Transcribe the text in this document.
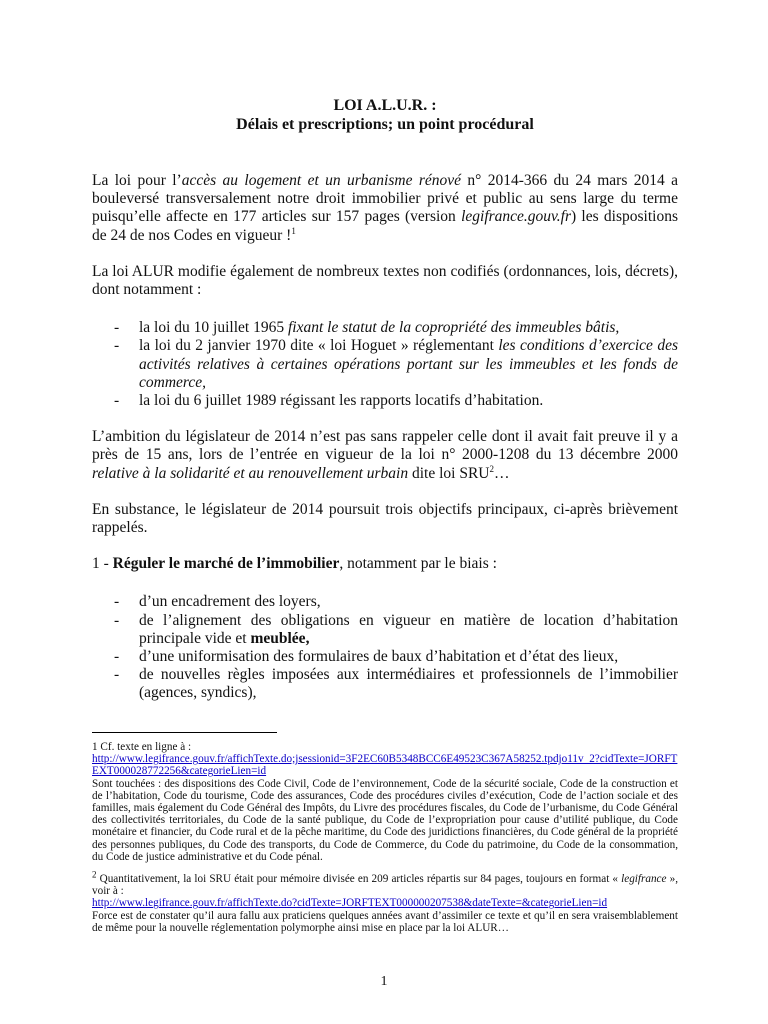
LOI A.L.U.R. :

Délais et prescriptions; un point procédural

La loi pour l’accès au logement et un urbanisme rénové n° 2014-366 du 24 mars 2014 a bouleversé transversalement notre droit immobilier privé et public au sens large du terme puisqu’elle affecte en 177 articles sur 157 pages (version legifrance.gouv.fr) les dispositions de 24 de nos Codes en vigueur !$^1$

La loi ALUR modifie également de nombreux textes non codifiés (ordonnances, lois, décrets), dont notamment :

- la loi du 10 juillet 1965 fixant le statut de la copropriété des immeubles bâtis,
- la loi du 2 janvier 1970 dite « loi Hoguet » réglementant les conditions d’exercice des activités relatives à certaines opérations portant sur les immeubles et les fonds de commerce,
- la loi du 6 juillet 1989 régissant les rapports locatifs d’habitation.

L’ambition du législateur de 2014 n’est pas sans rappeler celle dont il avait fait preuve il y a près de 15 ans, lors de l’entrée en vigueur de la loi n° 2000-1208 du 13 décembre 2000 relative à la solidarité et au renouvellement urbain dite loi SRU$^2$…

En substance, le législateur de 2014 poursuit trois objectifs principaux, ci-après brièvement rappelés.

1 - Réguler le marché de l’immobilier, notamment par le biais :

- d’un encadrement des loyers,
- de l’alignement des obligations en vigueur en matière de location d’habitation principale vide et meublée,
- d’une uniformisation des formulaires de baux d’habitation et d’état des lieux,
- de nouvelles règles imposées aux intermédiaires et professionnels de l’immobilier (agences, syndics),

1 Cf. texte en ligne à :

http://www.legifrance.gouv.fr/affichTexte.do;jsessionid=3F2EC60B5348BCC6E49523C367A58252.tpdjo11v_2?cidTexte=JORFTEXT000028772256&categorieLien=id

Sont touchées : des dispositions des Code Civil, Code de l’environnement, Code de la sécurité sociale, Code de la construction et de l’habitation, Code du tourisme, Code des assurances, Code des procédures civiles d’exécution, Code de l’action sociale et des familles, mais également du Code Général des Impôts, du Livre des procédures fiscales, du Code de l’urbanisme, du Code Général des collectivités territoriales, du Code de la santé publique, du Code de l’expropriation pour cause d’utilité publique, du Code monétaire et financier, du Code rural et de la pêche maritime, du Code des juridictions financières, du Code général de la propriété des personnes publiques, du Code des transports, du Code de Commerce, du Code du patrimoine, du Code de la consommation, du Code de justice administrative et du Code pénal.

$^2$ Quantitativement, la loi SRU était pour mémoire divisée en 209 articles répartis sur 84 pages, toujours en format « legifrance », voir à :

http://www.legifrance.gouv.fr/affichTexte.do?cidTexte=JORFTEXT000000207538&dateTexte=&categorieLien=id

Force est de constater qu’il aura fallu aux praticiens quelques années avant d’assimiler ce texte et qu’il en sera vraisemblablement de même pour la nouvelle réglementation polymorphe ainsi mise en place par la loi ALUR…

1
